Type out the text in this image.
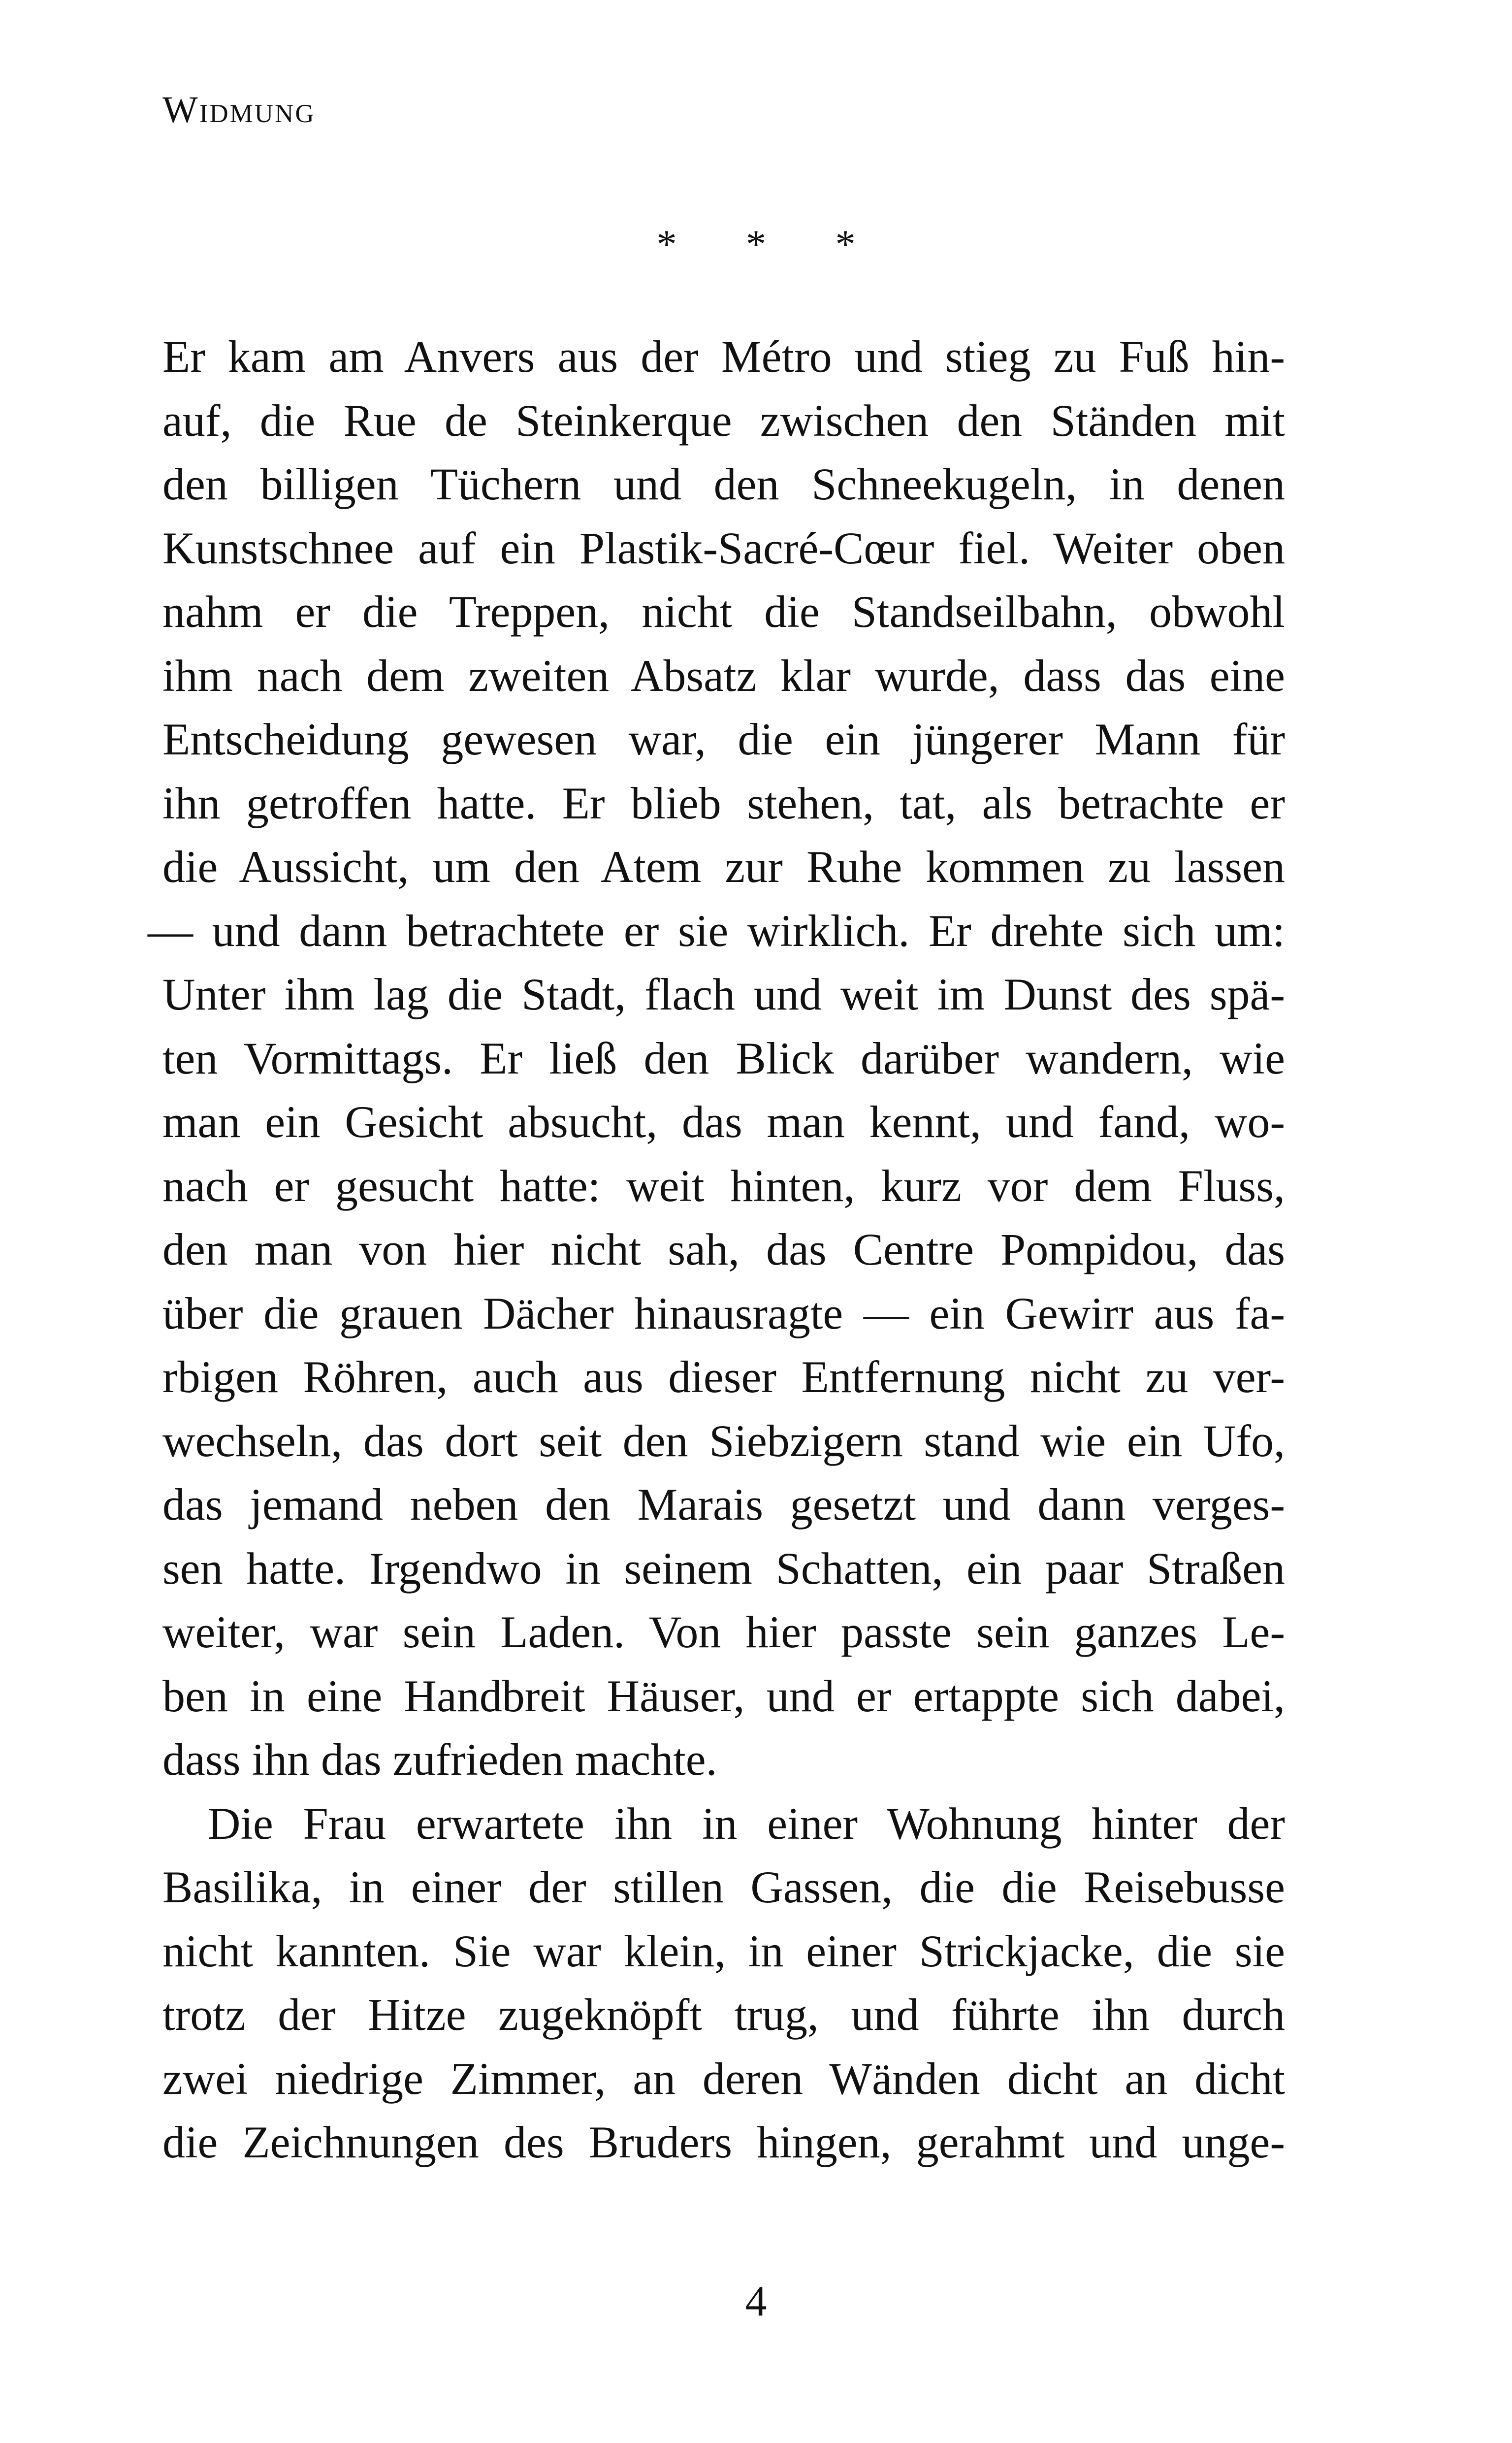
Widmung
* * *
Er kam am Anvers aus der Métro und stieg zu Fuß hin-
auf, die Rue de Steinkerque zwischen den Ständen mit
den billigen Tüchern und den Schneekugeln, in denen
Kunstschnee auf ein Plastik-Sacré-Cœur fiel. Weiter oben
nahm er die Treppen, nicht die Standseilbahn, obwohl
ihm nach dem zweiten Absatz klar wurde, dass das eine
Entscheidung gewesen war, die ein jüngerer Mann für
ihn getroffen hatte. Er blieb stehen, tat, als betrachte er
die Aussicht, um den Atem zur Ruhe kommen zu lassen
— und dann betrachtete er sie wirklich. Er drehte sich um:
Unter ihm lag die Stadt, flach und weit im Dunst des spä-
ten Vormittags. Er ließ den Blick darüber wandern, wie
man ein Gesicht absucht, das man kennt, und fand, wo-
nach er gesucht hatte: weit hinten, kurz vor dem Fluss,
den man von hier nicht sah, das Centre Pompidou, das
über die grauen Dächer hinausragte — ein Gewirr aus fa-
rbigen Röhren, auch aus dieser Entfernung nicht zu ver-
wechseln, das dort seit den Siebzigern stand wie ein Ufo,
das jemand neben den Marais gesetzt und dann verges-
sen hatte. Irgendwo in seinem Schatten, ein paar Straßen
weiter, war sein Laden. Von hier passte sein ganzes Le-
ben in eine Handbreit Häuser, und er ertappte sich dabei,
dass ihn das zufrieden machte.
Die Frau erwartete ihn in einer Wohnung hinter der
Basilika, in einer der stillen Gassen, die die Reisebusse
nicht kannten. Sie war klein, in einer Strickjacke, die sie
trotz der Hitze zugeknöpft trug, und führte ihn durch
zwei niedrige Zimmer, an deren Wänden dicht an dicht
die Zeichnungen des Bruders hingen, gerahmt und unge-
4
